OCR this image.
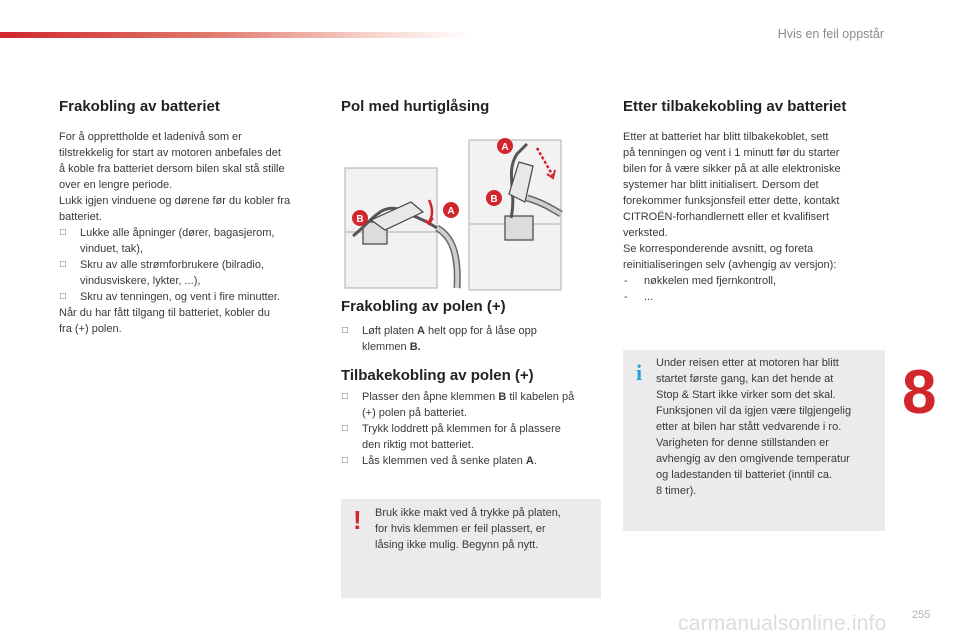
Hvis en feil oppstår
Frakobling av batteriet

For å opprettholde et ladenivå som er

tilstrekkelig for start av motoren anbefales det

å koble fra batteriet dersom bilen skal stå stille

over en lengre periode.

Lukk igjen vinduene og dørene før du kobler fra

batteriet.

□ Lukke alle åpninger (dører, bagasjerom,

vinduet, tak),

□ Skru av alle strømforbrukere (bilradio,

vindusviskere, lykter, ...),

□ Skru av tenningen, og vent i fire minutter.

Når du har fått tilgang til batteriet, kobler du

fra (+) polen.

Pol med hurtiglåsing
Frakobling av polen (+)
□ Løft platen A helt opp for å låse opp

klemmen B.

Tilbakekobling av polen (+)
□ Plasser den åpne klemmen B til kabelen på

(+) polen på batteriet.

□ Trykk loddrett på klemmen for å plassere

den riktig mot batteriet.

□ Lås klemmen ved å senke platen A.

B
A
A
B
! Bruk ikke makt ved å trykke på platen,

for hvis klemmen er feil plassert, er

låsing ikke mulig. Begynn på nytt.

Etter tilbakekobling av batteriet

Etter at batteriet har blitt tilbakekoblet, sett

på tenningen og vent i 1 minutt før du starter

bilen for å være sikker på at alle elektroniske

systemer har blitt initialisert. Dersom det

forekommer funksjonsfeil etter dette, kontakt

CITROËN-forhandlernett eller et kvalifisert

verksted.

Se korresponderende avsnitt, og foreta

reinitialiseringen selv (avhengig av versjon):

- nøkkelen med fjernkontroll,

- ...

i Under reisen etter at motoren har blitt

startet første gang, kan det hende at

Stop & Start ikke virker som det skal.

Funksjonen vil da igjen være tilgjengelig

etter at bilen har stått vedvarende i ro.

Varigheten for denne stillstanden er

avhengig av den omgivende temperatur

og ladestanden til batteriet (inntil ca.

8 timer).

8
carmanualsonline.info 255
